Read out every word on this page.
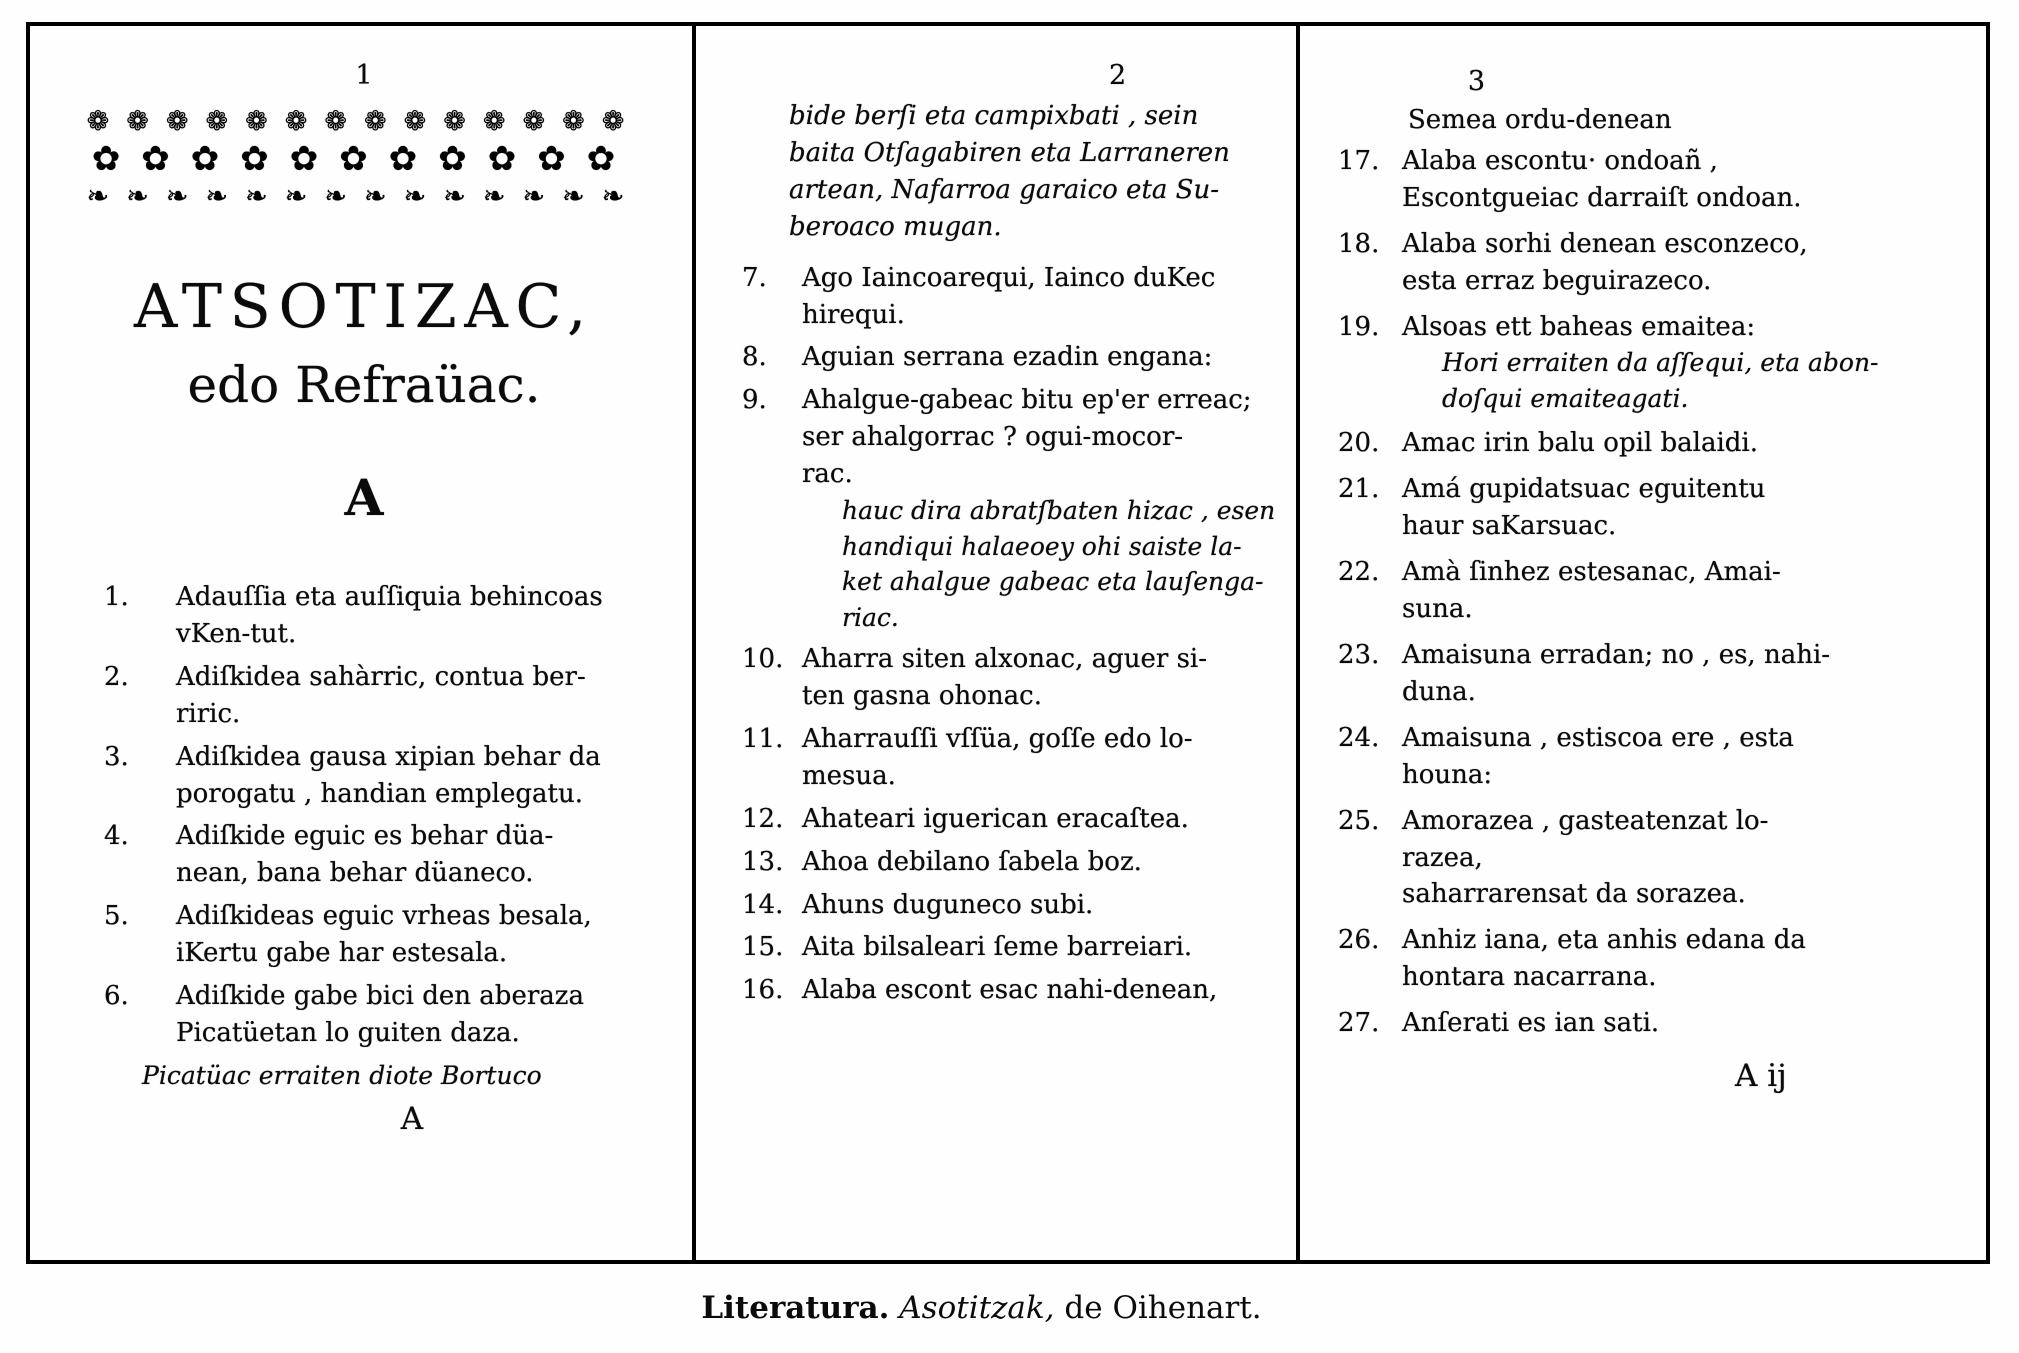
1
❁❁❁❁❁❁❁❁❁❁❁❁❁❁
✿✿✿✿✿✿✿✿✿✿✿
❧❧❧❧❧❧❧❧❧❧❧❧❧❧
ATSOTIZAC,
edo Refraüac.
A
1.	Adauſſia eta auſſiquia behincoas
vKen-tut.
2.	Adiſkidea sahàrric, contua ber-
riric.
3.	Adiſkidea gausa xipian behar da
porogatu , handian emplegatu.
4.	Adiſkide eguic es behar düa-
nean, bana behar düaneco.
5.	Adiſkideas eguic vrheas besala,
iKertu gabe har estesala.
6.	Adiſkide gabe bici den aberaza
Picatüetan lo guiten daza.
Picatüac erraiten diote Bortuco
A
2
bide berſi eta campixbati , sein
baita Otſagabiren eta Larraneren
artean, Nafarroa garaico eta Su-
beroaco mugan.
7.	Ago Iaincoarequi, Iainco duKec
hirequi.
8.	Aguian serrana ezadin engana:
9.	Ahalgue-gabeac bitu ep'er erreac;
ser ahalgorrac ? ogui-mocor-
rac.
hauc dira abratſbaten hizac , esen
handiqui halaeoey ohi saiste la-
ket ahalgue gabeac eta lauſenga-
riac.
10. Aharra siten alxonac, aguer si-
ten gasna ohonac.
11. Aharrauſſi vſſüa, goſſe edo lo-
mesua.
12. Ahateari iguerican eracaſtea.
13. Ahoa debilano ſabela boz.
14. Ahuns duguneco subi.
15. Aita bilsaleari ſeme barreiari.
16. Alaba escont esac nahi-denean,
3
Semea ordu-denean
17. Alaba escontu· ondoañ ,
Escontgueiac darraiſt ondoan.
18. Alaba sorhi denean esconzeco,
esta erraz beguirazeco.
19. Alsoas ett baheas emaitea:
Hori erraiten da aſſequi, eta abon-
doſqui emaiteagati.
20. Amac irin balu opil balaidi.
21. Amá gupidatsuac eguitentu
haur saKarsuac.
22. Amà ſinhez estesanac, Amai-
suna.
23. Amaisuna erradan; no , es, nahi-
duna.
24. Amaisuna , estiscoa ere , esta
houna:
25. Amorazea , gasteatenzat lo-
razea,
saharrarensat da sorazea.
26. Anhiz iana, eta anhis edana da
hontara nacarrana.
27. Anſerati es ian sati.
A ij
Literatura. Asotitzak, de Oihenart.
